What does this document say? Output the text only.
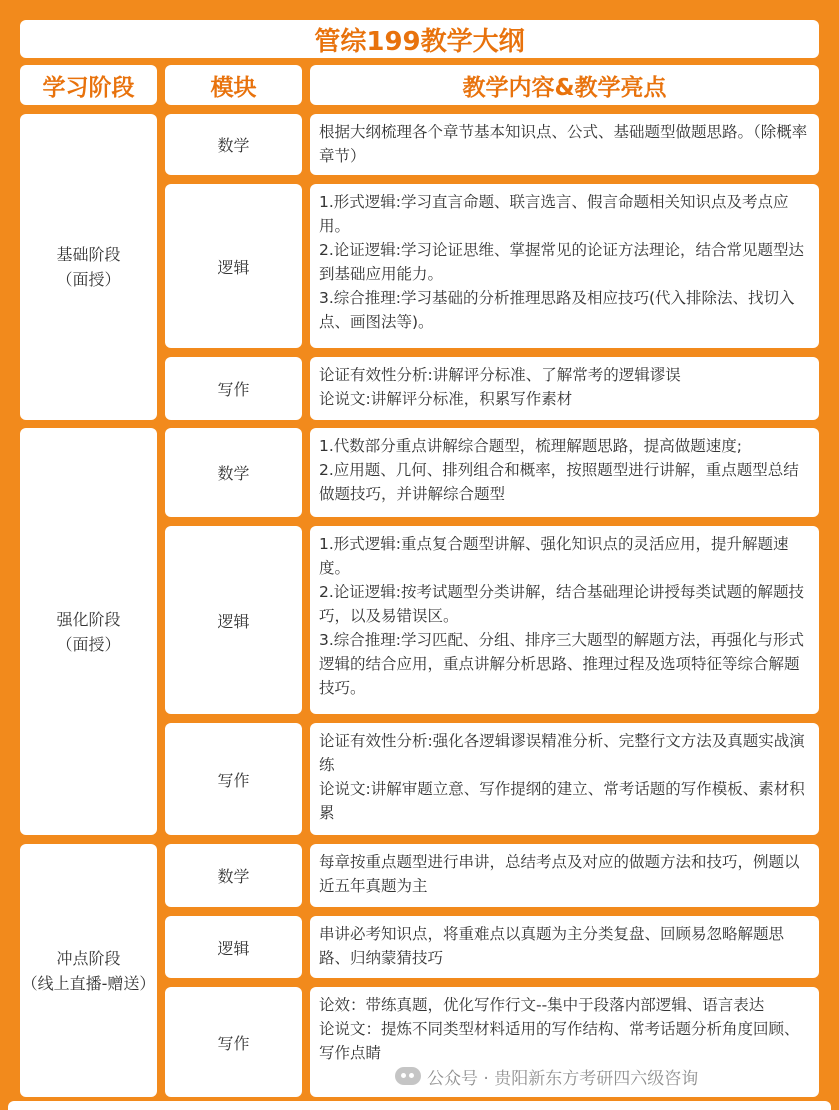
管综199教学大纲
学习阶段	模块	教学内容&教学亮点
基础阶段
（面授）
数学

根据大纲梳理各个章节基本知识点、公式、基础题型做题思路。（除概率章节）

逻辑

1.形式逻辑:学习直言命题、联言选言、假言命题相关知识点及考点应用。

2.论证逻辑:学习论证思维、掌握常见的论证方法理论，结合常见题型达到基础应用能力。

3.综合推理:学习基础的分析推理思路及相应技巧(代入排除法、找切入点、画图法等)。

写作

论证有效性分析:讲解评分标准、了解常考的逻辑谬误

论说文:讲解评分标准，积累写作素材

强化阶段
（面授）
数学

1.代数部分重点讲解综合题型，梳理解题思路，提高做题速度;

2.应用题、几何、排列组合和概率，按照题型进行讲解，重点题型总结做题技巧，并讲解综合题型

逻辑

1.形式逻辑:重点复合题型讲解、强化知识点的灵活应用，提升解题速度。

2.论证逻辑:按考试题型分类讲解，结合基础理论讲授每类试题的解题技巧，以及易错误区。

3.综合推理:学习匹配、分组、排序三大题型的解题方法，再强化与形式逻辑的结合应用，重点讲解分析思路、推理过程及选项特征等综合解题技巧。

写作

论证有效性分析:强化各逻辑谬误精准分析、完整行文方法及真题实战演练

论说文:讲解审题立意、写作提纲的建立、常考话题的写作模板、素材积累

冲点阶段
（线上直播-赠送）
数学

每章按重点题型进行串讲，总结考点及对应的做题方法和技巧，例题以近五年真题为主

逻辑

串讲必考知识点，将重难点以真题为主分类复盘、回顾易忽略解题思路、归纳蒙猜技巧

写作

论效：带练真题，优化写作行文--集中于段落内部逻辑、语言表达

论说文：提炼不同类型材料适用的写作结构、常考话题分析角度回顾、写作点睛

公众号 · 贵阳新东方考研四六级咨询
